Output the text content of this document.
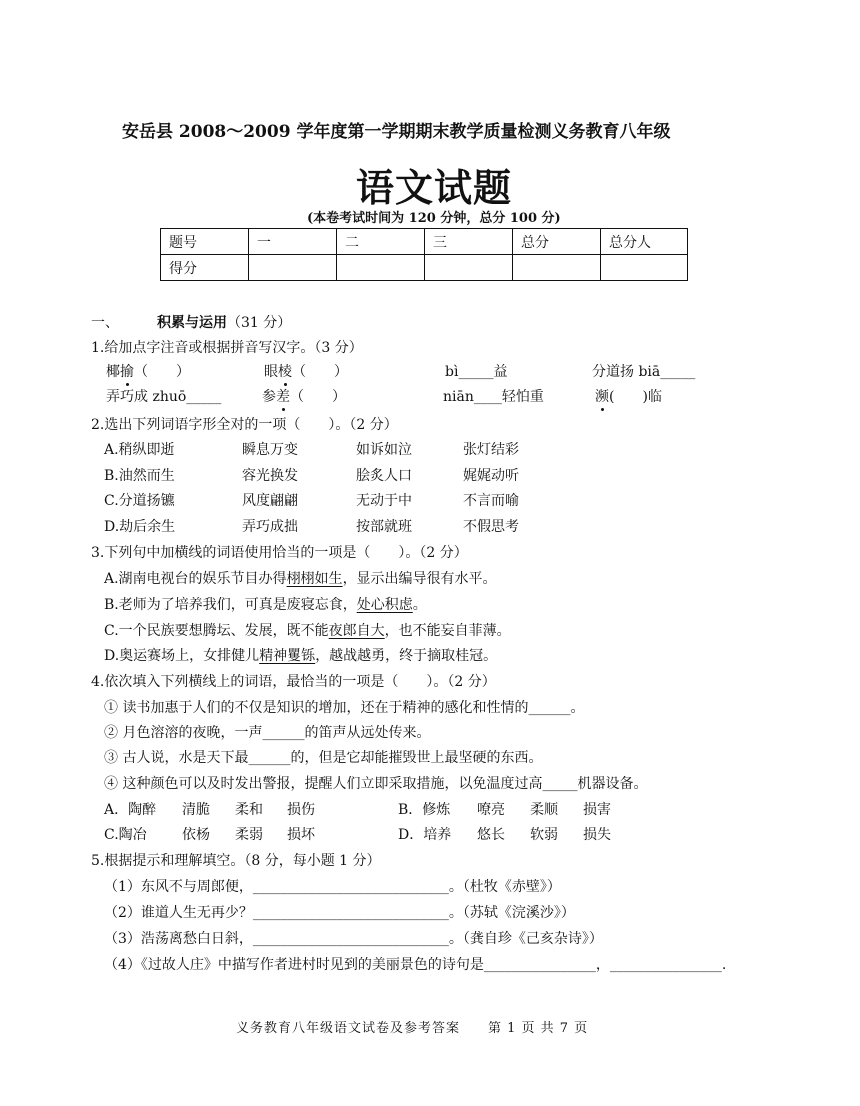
安岳县 2008～2009 学年度第一学期期末教学质量检测义务教育八年级
语文试题
(本卷考试时间为 120 分钟，总分 100 分)
题号	一	二	三	总分	总分人
得分					
一、	积累与运用（31 分）
1.给加点字注音或根据拼音写汉字。（3 分）
椰揄（　　）	眼棱（　　）	bì_____益	分道扬 biā_____
弄巧成 zhuō_____	参差（　　）	niān____轻怕重	濒(　　)临
2.选出下列词语字形全对的一项（　　）。（2 分）
A.稍纵即逝	瞬息万变	如诉如泣	张灯结彩
B.油然而生	容光换发	脍炙人口	娓娓动听
C.分道扬镳	风度翩翩	无动于中	不言而喻
D.劫后余生	弄巧成拙	按部就班	不假思考
3.下列句中加横线的词语使用恰当的一项是（　　）。（2 分）
A.湖南电视台的娱乐节目办得栩栩如生，显示出编导很有水平。
B.老师为了培养我们，可真是废寝忘食，处心积虑。
C.一个民族要想腾坛、发展，既不能夜郎自大，也不能妄自菲薄。
D.奥运赛场上，女排健儿精神矍铄，越战越勇，终于摘取桂冠。
4.依次填入下列横线上的词语，最恰当的一项是（　　）。（2 分）
① 读书加惠于人们的不仅是知识的增加，还在于精神的感化和性情的______。
② 月色溶溶的夜晚，一声______的笛声从远处传来。
③ 古人说，水是天下最______的，但是它却能摧毁世上最坚硬的东西。
④ 这种颜色可以及时发出警报，提醒人们立即采取措施，以免温度过高_____机器设备。
A．陶醉 清脆 柔和 损伤	B．修炼 嘹亮 柔顺 损害
C.陶冶	依杨 柔弱 损坏	D．培养 悠长 软弱 损失
5.根据提示和理解填空。（8 分，每小题 1 分）
（1）东风不与周郎便，____________________________。（杜牧《赤壁》）
（2）谁道人生无再少？____________________________。（苏轼《浣溪沙》）
（3）浩荡离愁白日斜，____________________________。（龚自珍《己亥杂诗》）
（4）《过故人庄》中描写作者进村时见到的美丽景色的诗句是________________，________________.
义务教育八年级语文试卷及参考答案　　第 1 页 共 7 页
